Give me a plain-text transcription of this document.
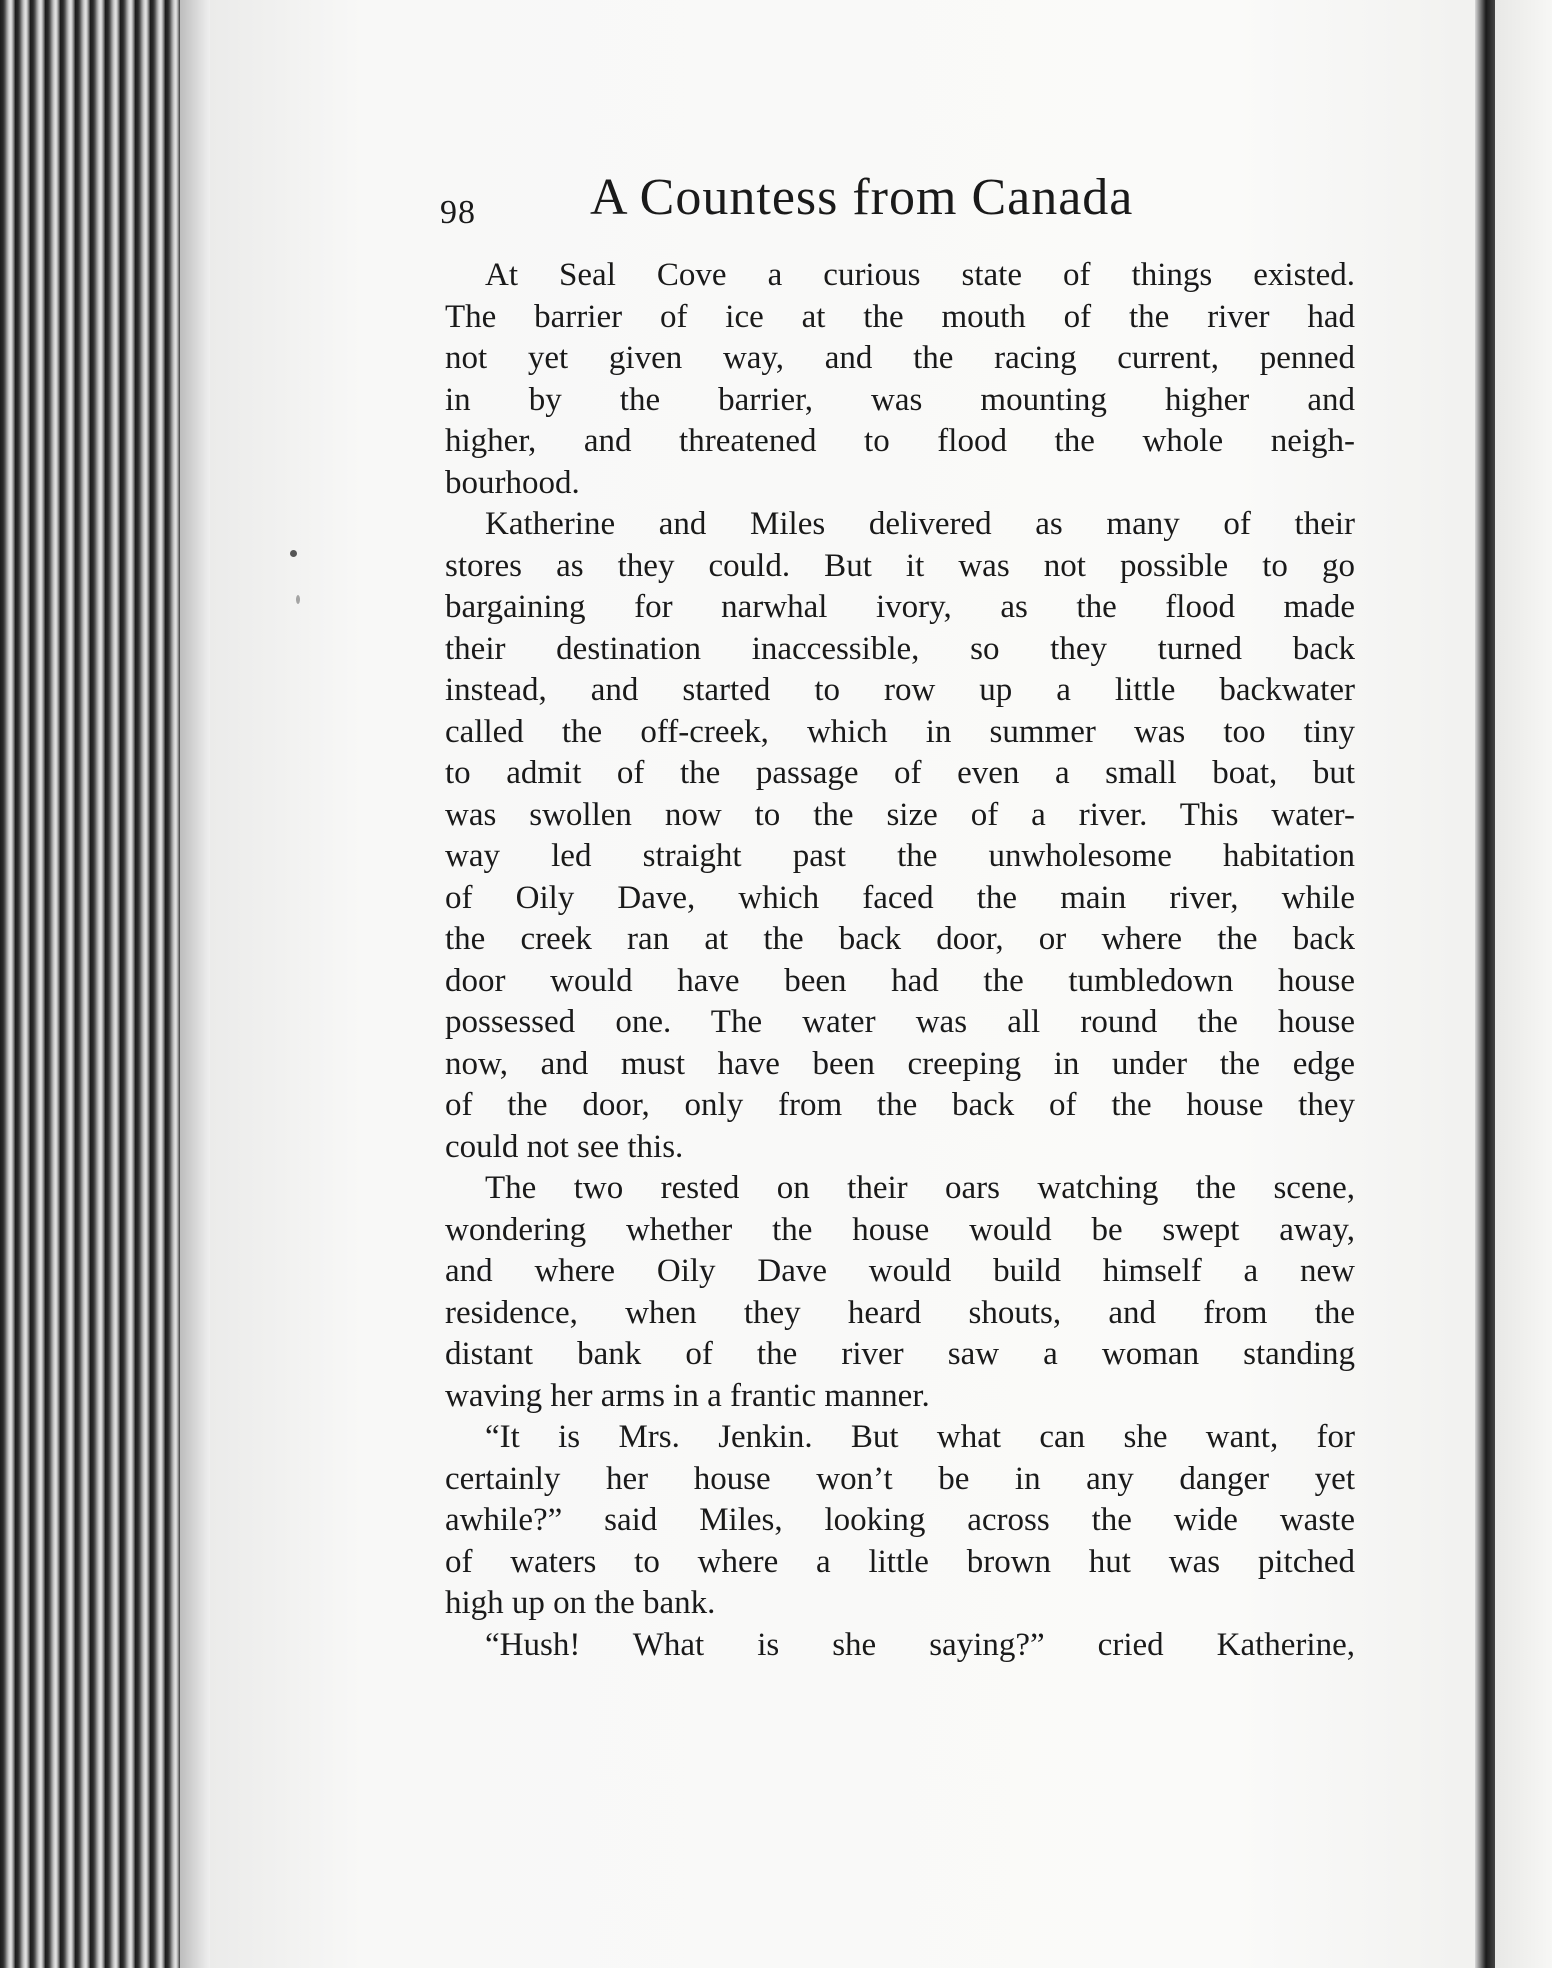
98 A Countess from Canada
At Seal Cove a curious state of things existed.
The barrier of ice at the mouth of the river had
not yet given way, and the racing current, penned
in by the barrier, was mounting higher and
higher, and threatened to flood the whole neigh-
bourhood.
Katherine and Miles delivered as many of their
stores as they could. But it was not possible to go
bargaining for narwhal ivory, as the flood made
their destination inaccessible, so they turned back
instead, and started to row up a little backwater
called the off-creek, which in summer was too tiny
to admit of the passage of even a small boat, but
was swollen now to the size of a river. This water-
way led straight past the unwholesome habitation
of Oily Dave, which faced the main river, while
the creek ran at the back door, or where the back
door would have been had the tumbledown house
possessed one. The water was all round the house
now, and must have been creeping in under the edge
of the door, only from the back of the house they
could not see this.
The two rested on their oars watching the scene,
wondering whether the house would be swept away,
and where Oily Dave would build himself a new
residence, when they heard shouts, and from the
distant bank of the river saw a woman standing
waving her arms in a frantic manner.
“It is Mrs. Jenkin. But what can she want, for
certainly her house won’t be in any danger yet
awhile?” said Miles, looking across the wide waste
of waters to where a little brown hut was pitched
high up on the bank.
“Hush! What is she saying?” cried Katherine,
